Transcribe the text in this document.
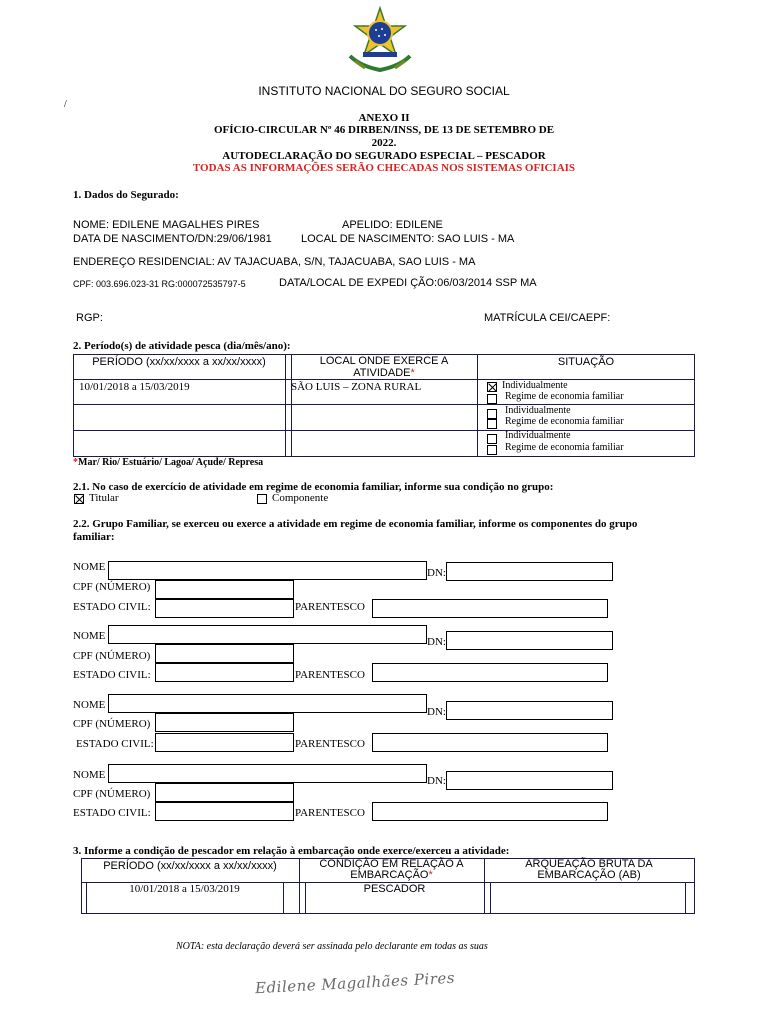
INSTITUTO NACIONAL DO SEGURO SOCIAL
/
ANEXO II
OFÍCIO-CIRCULAR Nº 46 DIRBEN/INSS, DE 13 DE SETEMBRO DE
2022.
AUTODECLARAÇÃO DO SEGURADO ESPECIAL – PESCADOR
TODAS AS INFORMAÇÕES SERÃO CHECADAS NOS SISTEMAS OFICIAIS
1. Dados do Segurado:
NOME: EDILENE MAGALHES PIRES	APELIDO: EDILENE
DATA DE NASCIMENTO/DN:29/06/1981	LOCAL DE NASCIMENTO: SAO LUIS - MA
ENDEREÇO RESIDENCIAL: AV TAJACUABA, S/N, TAJACUABA, SAO LUIS - MA
CPF: 003.696.023-31 RG:000072535797-5	DATA/LOCAL DE EXPEDI ÇÃO:06/03/2014 SSP MA
RGP:	MATRÍCULA CEI/CAEPF:
2. Período(s) de atividade pesca (dia/mês/ano):
PERÍODO (xx/xx/xxxx a xx/xx/xxxx)	LOCAL ONDE EXERCE A
ATIVIDADE*
SITUAÇÃO
10/01/2018 a 15/03/2019	SÃO LUIS – ZONA RURAL	Individualmente
Regime de economia familiar
Individualmente
Regime de economia familiar
Individualmente
Regime de economia familiar
*Mar/ Rio/ Estuário/ Lagoa/ Açude/ Represa
2.1. No caso de exercício de atividade em regime de economia familiar, informe sua condição no grupo:
Titular	Componente
2.2. Grupo Familiar, se exerceu ou exerce a atividade em regime de economia familiar, informe os componentes do grupo
familiar:
NOME	DN:
CPF (NÚMERO)
ESTADO CIVIL:	PARENTESCO
NOME	DN:
CPF (NÚMERO)
ESTADO CIVIL:	PARENTESCO
NOME
DN:
CPF (NÚMERO)
ESTADO CIVIL:	PARENTESCO
NOME	DN:
CPF (NÚMERO)
ESTADO CIVIL:	PARENTESCO
3. Informe a condição de pescador em relação à embarcação onde exerce/exerceu a atividade:
PERÍODO (xx/xx/xxxx a xx/xx/xxxx)	CONDIÇÃO EM RELAÇÃO A
EMBARCAÇÃO*
ARQUEAÇÃO BRUTA DA
EMBARCAÇÃO (AB)
10/01/2018 a 15/03/2019	PESCADOR
NOTA: esta declaração deverá ser assinada pelo declarante em todas as suas
Edilene Magalhães Pires
